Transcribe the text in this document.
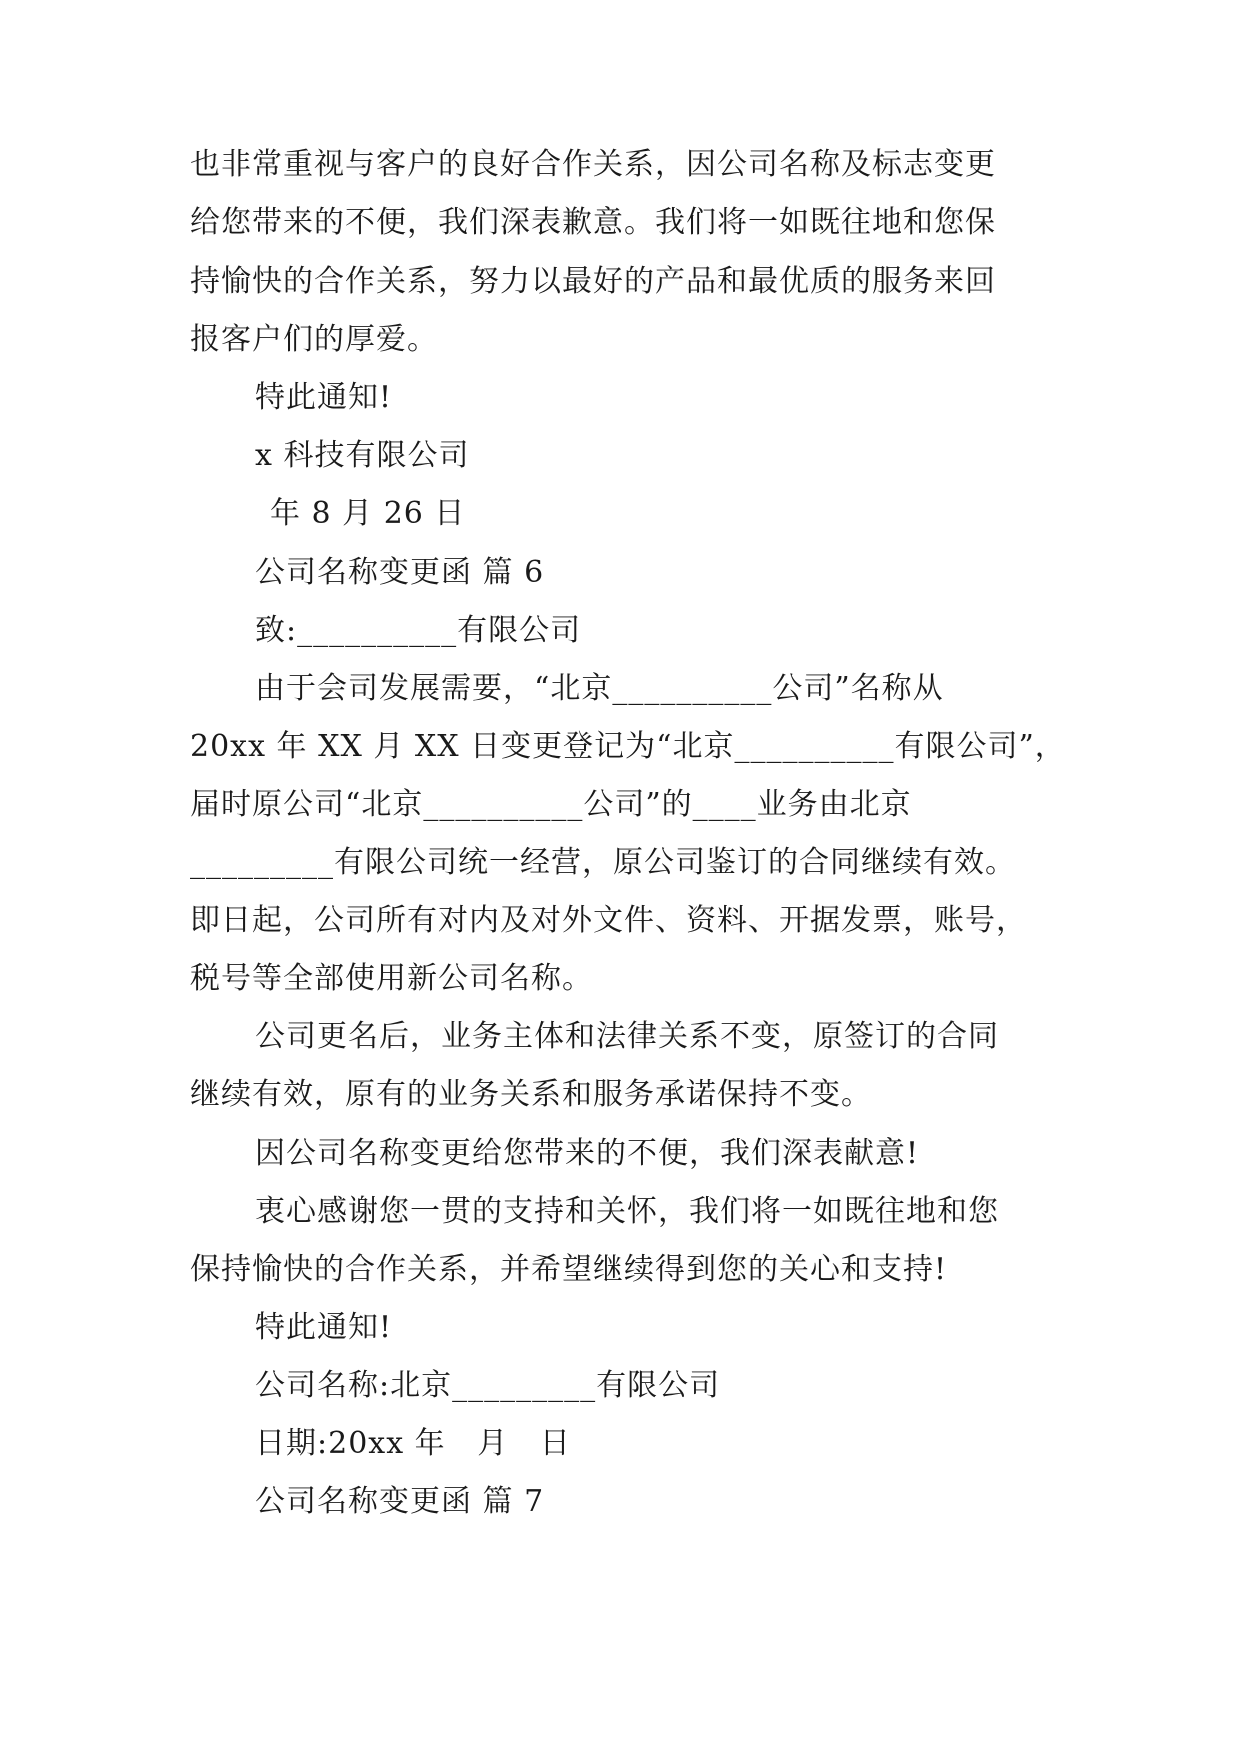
也非常重视与客户的良好合作关系，因公司名称及标志变更
给您带来的不便，我们深表歉意。我们将一如既往地和您保
持愉快的合作关系，努力以最好的产品和最优质的服务来回
报客户们的厚爱。
特此通知!
x 科技有限公司
年 8 月 26 日
公司名称变更函 篇 6
致:__________有限公司
由于会司发展需要，“北京__________公司”名称从
20xx 年 XX 月 XX 日变更登记为“北京__________有限公司”，
届时原公司“北京__________公司”的____业务由北京
_________有限公司统一经营，原公司鉴订的合同继续有效。
即日起，公司所有对内及对外文件、资料、开据发票，账号，
税号等全部使用新公司名称。
公司更名后，业务主体和法律关系不变，原签订的合同
继续有效，原有的业务关系和服务承诺保持不变。
因公司名称变更给您带来的不便，我们深表献意!
衷心感谢您一贯的支持和关怀，我们将一如既往地和您
保持愉快的合作关系，并希望继续得到您的关心和支持!
特此通知!
公司名称:北京_________有限公司
日期:20xx 年   月   日
公司名称变更函 篇 7
